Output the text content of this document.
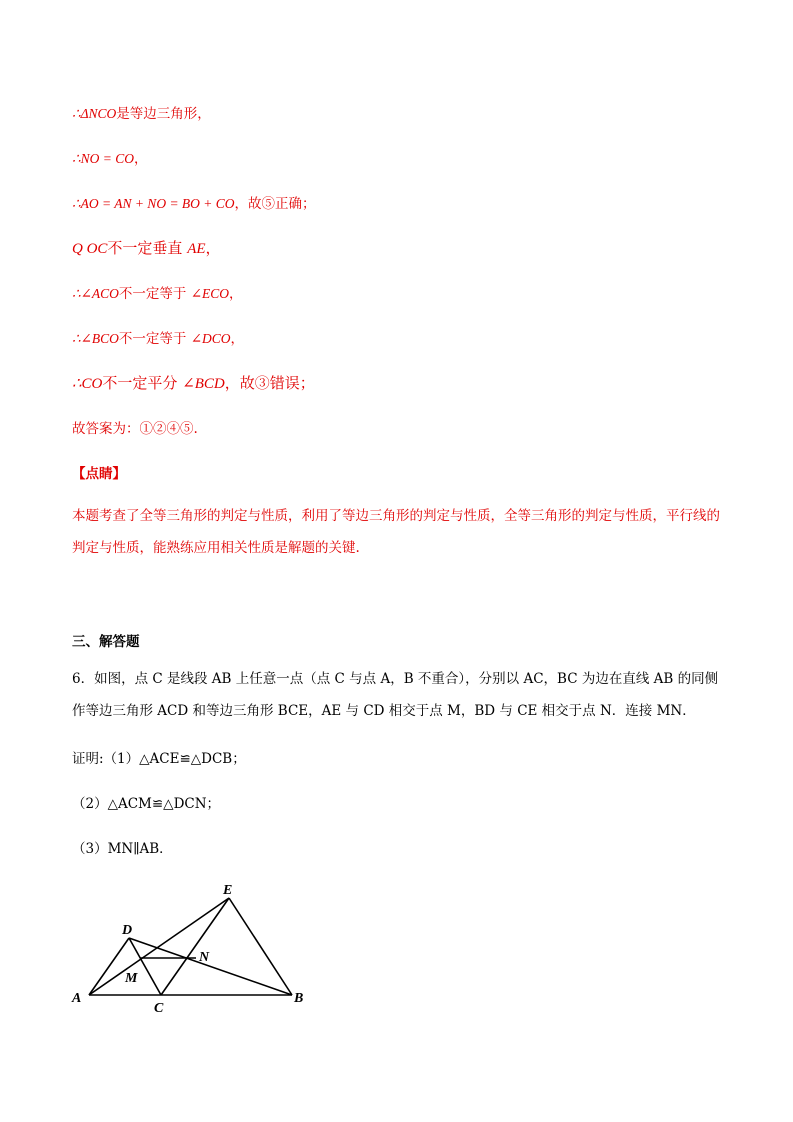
∴ΔNCO是等边三角形，
∴NO = CO，
∴AO = AN + NO = BO + CO，故⑤正确；
Q OC不一定垂直 AE，
∴∠ACO不一定等于 ∠ECO，
∴∠BCO不一定等于 ∠DCO，
∴CO不一定平分 ∠BCD，故③错误；
故答案为：①②④⑤.
【点睛】
本题考查了全等三角形的判定与性质，利用了等边三角形的判定与性质，全等三角形的判定与性质，平行线的判定与性质，能熟练应用相关性质是解题的关键.
三、解答题
6．如图，点 C 是线段 AB 上任意一点（点 C 与点 A，B 不重合），分别以 AC，BC 为边在直线 AB 的同侧作等边三角形 ACD 和等边三角形 BCE，AE 与 CD 相交于点 M，BD 与 CE 相交于点 N．连接 MN．
证明:（1）△ACE≌△DCB；
（2）△ACM≌△DCN；
（3）MN∥AB．
A	B
C
D
E
M
N
